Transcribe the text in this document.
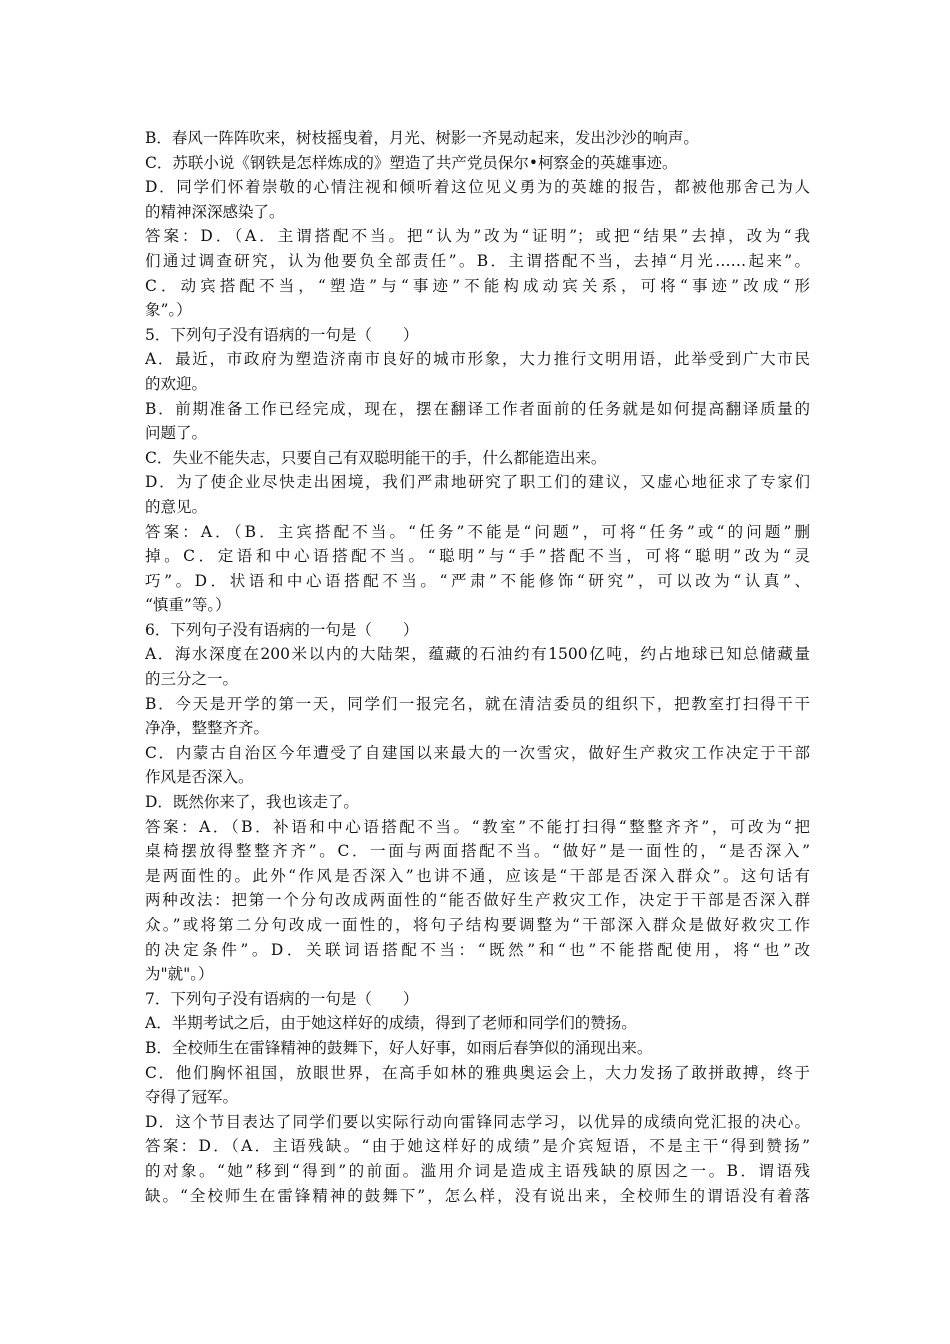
B．春风一阵阵吹来，树枝摇曳着，月光、树影一齐晃动起来，发出沙沙的响声。
C．苏联小说《钢铁是怎样炼成的》塑造了共产党员保尔•柯察金的英雄事迹。
D．同学们怀着崇敬的心情注视和倾听着这位见义勇为的英雄的报告，都被他那舍己为人
的精神深深感染了。
答案：D．（A．主谓搭配不当。把“认为”改为“证明”；或把“结果”去掉，改为“我
们通过调查研究，认为他要负全部责任”。B．主谓搭配不当，去掉“月光……起来”。
C．动宾搭配不当，“塑造”与“事迹”不能构成动宾关系，可将“事迹”改成“形
象”。）
5．下列句子没有语病的一句是（　　）
A．最近，市政府为塑造济南市良好的城市形象，大力推行文明用语，此举受到广大市民
的欢迎。
B．前期准备工作已经完成，现在，摆在翻译工作者面前的任务就是如何提高翻译质量的
问题了。
C．失业不能失志，只要自己有双聪明能干的手，什么都能造出来。
D．为了使企业尽快走出困境，我们严肃地研究了职工们的建议，又虚心地征求了专家们
的意见。
答案：A．（B．主宾搭配不当。“任务”不能是“问题”，可将“任务”或“的问题”删
掉。C．定语和中心语搭配不当。“聪明”与“手”搭配不当，可将“聪明”改为“灵
巧”。D．状语和中心语搭配不当。“严肃”不能修饰“研究”，可以改为“认真”、
“慎重”等。）
6．下列句子没有语病的一句是（　　）
A．海水深度在200米以内的大陆架，蕴藏的石油约有1500亿吨，约占地球已知总储藏量
的三分之一。
B．今天是开学的第一天，同学们一报完名，就在清洁委员的组织下，把教室打扫得干干
净净，整整齐齐。
C．内蒙古自治区今年遭受了自建国以来最大的一次雪灾，做好生产救灾工作决定于干部
作风是否深入。
D．既然你来了，我也该走了。
答案：A．（B．补语和中心语搭配不当。“教室”不能打扫得“整整齐齐”，可改为“把
桌椅摆放得整整齐齐”。C．一面与两面搭配不当。“做好”是一面性的，“是否深入”
是两面性的。此外“作风是否深入”也讲不通，应该是“干部是否深入群众”。这句话有
两种改法：把第一个分句改成两面性的“能否做好生产救灾工作，决定于干部是否深入群
众。”或将第二分句改成一面性的，将句子结构要调整为“干部深入群众是做好救灾工作
的决定条件”。D．关联词语搭配不当：“既然”和“也”不能搭配使用，将“也”改
为"就"。）
7．下列句子没有语病的一句是（　　）
A．半期考试之后，由于她这样好的成绩，得到了老师和同学们的赞扬。
B．全校师生在雷锋精神的鼓舞下，好人好事，如雨后春笋似的涌现出来。
C．他们胸怀祖国，放眼世界，在高手如林的雅典奥运会上，大力发扬了敢拼敢搏，终于
夺得了冠军。
D．这个节目表达了同学们要以实际行动向雷锋同志学习，以优异的成绩向党汇报的决心。
答案：D．（A．主语残缺。“由于她这样好的成绩”是介宾短语，不是主干“得到赞扬”
的对象。“她”移到“得到”的前面。滥用介词是造成主语残缺的原因之一。B．谓语残
缺。“全校师生在雷锋精神的鼓舞下”，怎么样，没有说出来，全校师生的谓语没有着落
